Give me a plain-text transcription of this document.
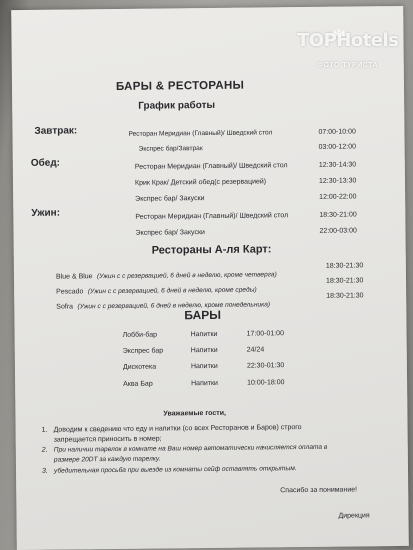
БАРЫ & РЕСТОРАНЫ
График работы
Завтрак:	Ресторан Меридиан (Главный)/ Шведский стол	07:00-10:00
Экспрес бар/Завтрак	03:00-12:00
Обед:	Ресторан Меридиан (Главный)/ Шведский стол	12:30-14:30
Крик Крак/ Детский обед(с резервацией)	12:30-13:30
Экспрес бар/ Закуски	12:00-22:00
Ужин:	Ресторан Меридиан (Главный)/ Шведский стол	18:30-21:00
Экспрес бар/ Закуски	22:00-03:00
Рестораны А-ля Карт:
Blue & Blue (Ужин с с резервацией, 6 дней в неделю, кроме четверга)
18:30-21:30
Pescado (Ужин с с резервацией, 6 дней в неделю, кроме среды)
18:30-21:30
Sofra (Ужин с с резервацией, 6 дней в неделю, кроме понедельника)
18:30-21:30
БАРЫ
Лобби-бар	Напитки	17:00-01:00
Экспрес бар	Напитки	24/24
Дискотека	Напитки	22:30-01:30
Аква Бар	Напитки	10:00-18:00
Уважаемые гости,
1. Доводим к сведению что еду и напитки (со всех Ресторанов и Баров) строго
запрещается приносить в номер;
2. При наличии тарелок в комнате на Ваш номер автоматически начисляется оплата в
размере 20DT за каждую тарелку.
3. убедительная просьба при выезде из комнаты сейф оставлять открытым.
Спасибо за понимание!
Дирекция
TOPHotels
ФОТО ТУРИСТА
